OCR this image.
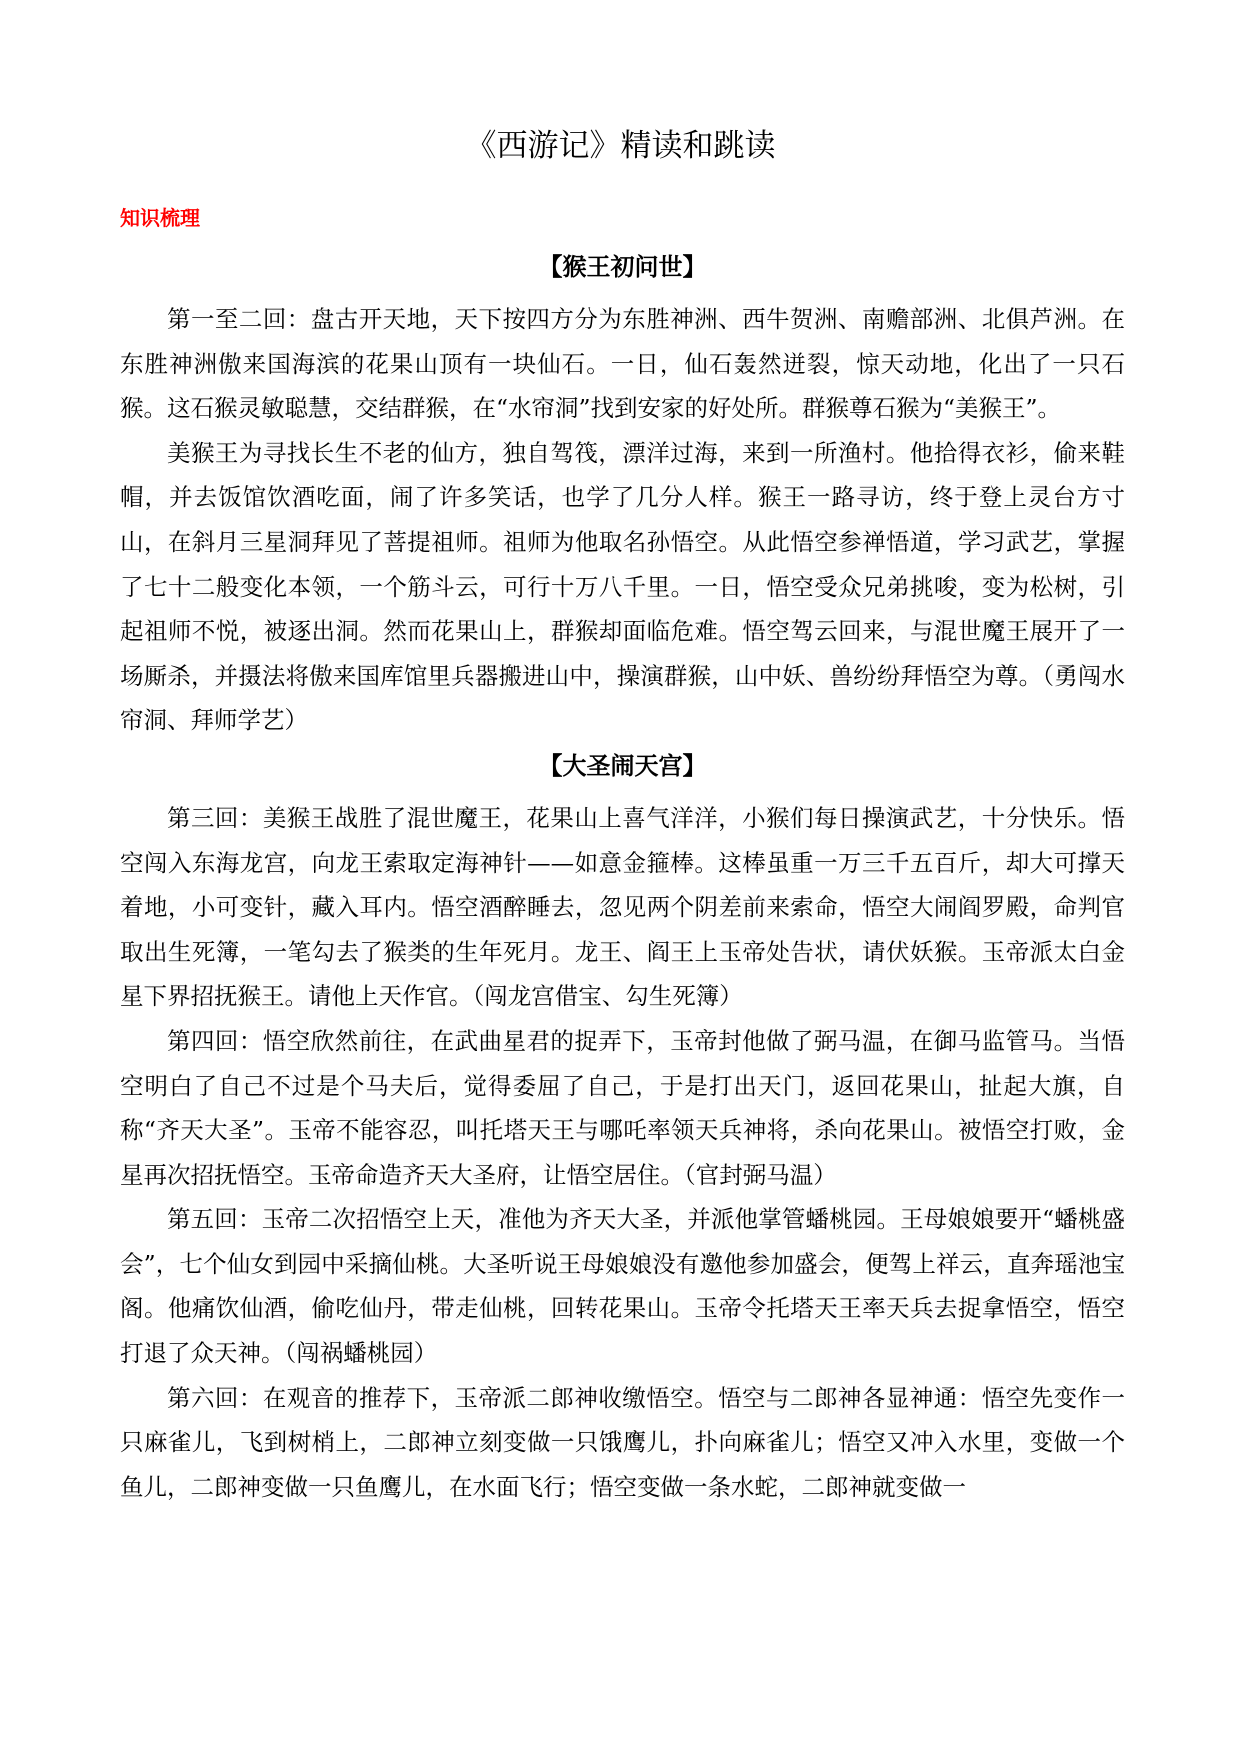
《西游记》精读和跳读
知识梳理
【猴王初问世】

第一至二回：盘古开天地，天下按四方分为东胜神洲、西牛贺洲、南赡部洲、北俱芦洲。在东胜神洲傲来国海滨的花果山顶有一块仙石。一日，仙石轰然迸裂，惊天动地，化出了一只石猴。这石猴灵敏聪慧，交结群猴，在“水帘洞”找到安家的好处所。群猴尊石猴为“美猴王”。

美猴王为寻找长生不老的仙方，独自驾筏，漂洋过海，来到一所渔村。他拾得衣衫，偷来鞋帽，并去饭馆饮酒吃面，闹了许多笑话，也学了几分人样。猴王一路寻访，终于登上灵台方寸山，在斜月三星洞拜见了菩提祖师。祖师为他取名孙悟空。从此悟空参禅悟道，学习武艺，掌握了七十二般变化本领，一个筋斗云，可行十万八千里。一日，悟空受众兄弟挑唆，变为松树，引起祖师不悦，被逐出洞。然而花果山上，群猴却面临危难。悟空驾云回来，与混世魔王展开了一场厮杀，并摄法将傲来国库馆里兵器搬进山中，操演群猴，山中妖、兽纷纷拜悟空为尊。（勇闯水帘洞、拜师学艺）

【大圣闹天宫】

第三回：美猴王战胜了混世魔王，花果山上喜气洋洋，小猴们每日操演武艺，十分快乐。悟空闯入东海龙宫，向龙王索取定海神针——如意金箍棒。这棒虽重一万三千五百斤，却大可撑天着地，小可变针，藏入耳内。悟空酒醉睡去，忽见两个阴差前来索命，悟空大闹阎罗殿，命判官取出生死簿，一笔勾去了猴类的生年死月。龙王、阎王上玉帝处告状，请伏妖猴。玉帝派太白金星下界招抚猴王。请他上天作官。（闯龙宫借宝、勾生死簿）

第四回：悟空欣然前往，在武曲星君的捉弄下，玉帝封他做了弼马温，在御马监管马。当悟空明白了自己不过是个马夫后，觉得委屈了自己，于是打出天门，返回花果山，扯起大旗，自称“齐天大圣”。玉帝不能容忍，叫托塔天王与哪吒率领天兵神将，杀向花果山。被悟空打败，金星再次招抚悟空。玉帝命造齐天大圣府，让悟空居住。（官封弼马温）

第五回：玉帝二次招悟空上天，准他为齐天大圣，并派他掌管蟠桃园。王母娘娘要开“蟠桃盛会”，七个仙女到园中采摘仙桃。大圣听说王母娘娘没有邀他参加盛会，便驾上祥云，直奔瑶池宝阁。他痛饮仙酒，偷吃仙丹，带走仙桃，回转花果山。玉帝令托塔天王率天兵去捉拿悟空，悟空打退了众天神。（闯祸蟠桃园）

第六回：在观音的推荐下，玉帝派二郎神收缴悟空。悟空与二郎神各显神通：悟空先变作一只麻雀儿，飞到树梢上，二郎神立刻变做一只饿鹰儿，扑向麻雀儿；悟空又冲入水里，变做一个鱼儿，二郎神变做一只鱼鹰儿，在水面飞行；悟空变做一条水蛇，二郎神就变做一
